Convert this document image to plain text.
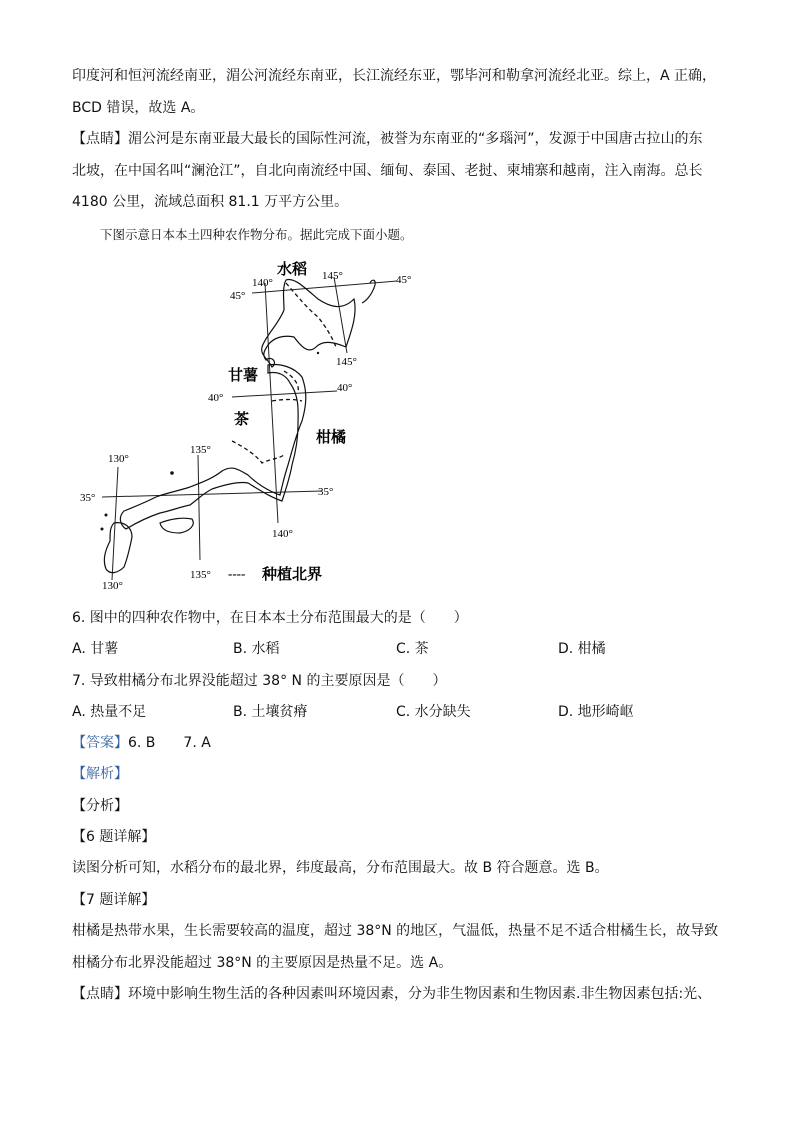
印度河和恒河流经南亚，湄公河流经东南亚，长江流经东亚，鄂毕河和勒拿河流经北亚。综上，A 正确，
BCD 错误，故选 A。
【点睛】湄公河是东南亚最大最长的国际性河流，被誉为东南亚的“多瑙河”，发源于中国唐古拉山的东
北坡，在中国名叫“澜沧江”，自北向南流经中国、缅甸、泰国、老挝、柬埔寨和越南，注入南海。总长
4180 公里，流域总面积 81.1 万平方公里。
下图示意日本本土四种农作物分布。据此完成下面小题。
水稻
甘薯
茶
柑橘
45°
45°
40°
40°
35°	35°
140°
145°
145°
135°
135°
130°
130°
140°
---- 种植北界
6. 图中的四种农作物中，在日本本土分布范围最大的是（　　）
A. 甘薯	B. 水稻	C. 茶	D. 柑橘
7. 导致柑橘分布北界没能超过 38° N 的主要原因是（　　）
A. 热量不足	B. 土壤贫瘠	C. 水分缺失	D. 地形崎岖
【答案】6. B　　7. A
【解析】
【分析】
【6 题详解】
读图分析可知，水稻分布的最北界，纬度最高，分布范围最大。故 B 符合题意。选 B。
【7 题详解】
柑橘是热带水果，生长需要较高的温度，超过 38°N 的地区，气温低，热量不足不适合柑橘生长，故导致
柑橘分布北界没能超过 38°N 的主要原因是热量不足。选 A。
【点睛】环境中影响生物生活的各种因素叫环境因素，分为非生物因素和生物因素.非生物因素包括:光、
